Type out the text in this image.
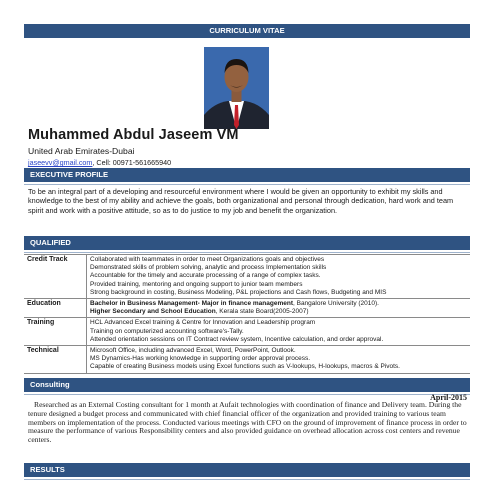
CURRICULUM VITAE
Muhammed Abdul Jaseem VM
United Arab Emirates-Dubai
jaseevv@gmail.com, Cell: 00971-561665940
EXECUTIVE PROFILE
To be an integral part of a developing and resourceful environment where I would be given an opportunity to exhibit my skills and knowledge to the best of my ability and achieve the goals, both organizational and personal through dedication, hard work and team spirit and work with a positive attitude, so as to do justice to my job and benefit the organization.
QUALIFIED
Credit Track	Collaborated with teammates in order to meet Organizations goals and objectives
Demonstrated skills of problem solving, analytic and process Implementation skills
Accountable for the timely and accurate processing of a range of complex tasks.
Provided training, mentoring and ongoing support to junior team members
Strong background in costing, Business Modeling, P&L projections and Cash flows, Budgeting and MIS

Education	Bachelor in Business Management- Major in finance management, Bangalore University (2010).
Higher Secondary and School Education, Kerala state Board(2005-2007)

Training	HCL Advanced Excel training & Centre for Innovation and Leadership program
Training on computerized accounting software's-Tally.
Attended orientation sessions on IT Contract review system, Incentive calculation, and order approval.

Technical	Microsoft Office, including advanced Excel, Word, PowerPoint, Outlook.
MS Dynamics-Has working knowledge in supporting order approval process.
Capable of creating Business models using Excel functions such as V-lookups, H-lookups, macros & Pivots.
Consulting
April-2015
Researched as an External Costing consultant for 1 month at Aufait technologies with coordination of finance and Delivery team. During the tenure designed a budget process and communicated with chief financial officer of the organization and provided training to various team members on implementation of the process. Conducted various meetings with CFO on the ground of improvement of finance process in order to measure the performance of various Responsibility centers and also provided guidance on overhead allocation across cost centers and revenue centers.
RESULTS
